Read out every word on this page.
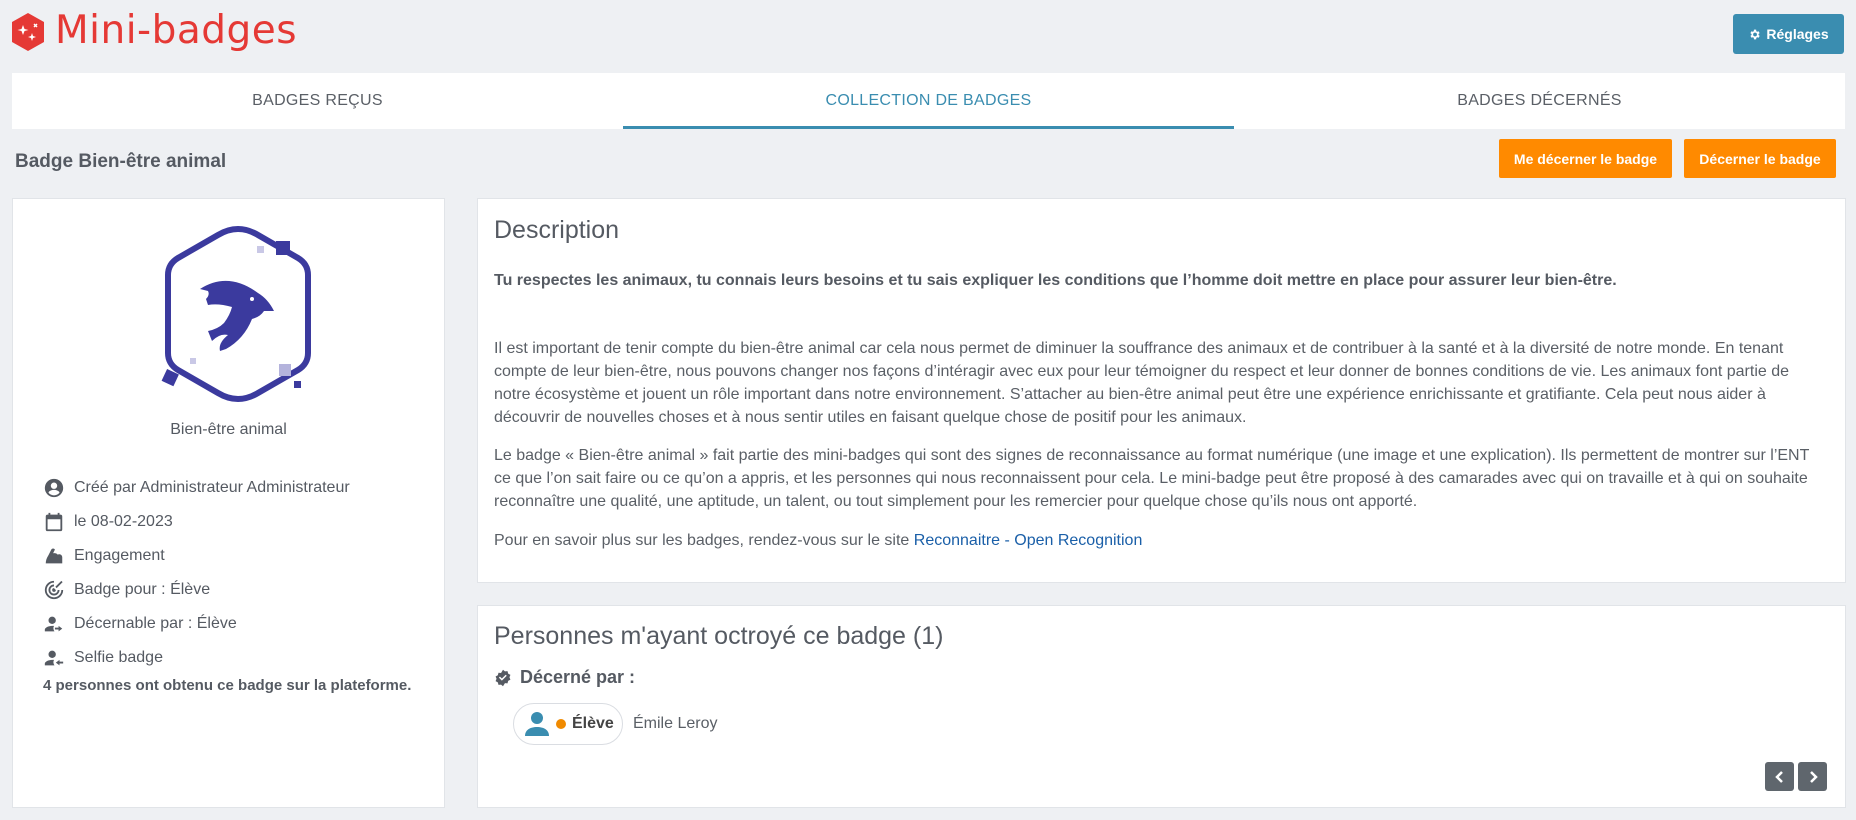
Mini-badges	Réglages
BADGES REÇUS	COLLECTION DE BADGES	BADGES DÉCERNÉS
Badge Bien-être animal	Me décerner le badge	Décerner le badge
Bien-être animal
Créé par Administrateur Administrateur
le 08-02-2023
Engagement
Badge pour : Élève
Décernable par : Élève
Selfie badge
4 personnes ont obtenu ce badge sur la plateforme.
Description

Tu respectes les animaux, tu connais leurs besoins et tu sais expliquer les conditions que l’homme doit mettre en place pour assurer leur bien-être.

Il est important de tenir compte du bien-être animal car cela nous permet de diminuer la souffrance des animaux et de contribuer à la santé et à la diversité de notre monde. En tenant compte de leur bien-être, nous pouvons changer nos façons d’intéragir avec eux pour leur témoigner du respect et leur donner de bonnes conditions de vie. Les animaux font partie de notre écosystème et jouent un rôle important dans notre environnement. S’attacher au bien-être animal peut être une expérience enrichissante et gratifiante. Cela peut nous aider à découvrir de nouvelles choses et à nous sentir utiles en faisant quelque chose de positif pour les animaux.

Le badge « Bien-être animal » fait partie des mini-badges qui sont des signes de reconnaissance au format numérique (une image et une explication). Ils permettent de montrer sur l’ENT ce que l’on sait faire ou ce qu’on a appris, et les personnes qui nous reconnaissent pour cela. Le mini-badge peut être proposé à des camarades avec qui on travaille et à qui on souhaite reconnaître une qualité, une aptitude, un talent, ou tout simplement pour les remercier pour quelque chose qu’ils nous ont apporté.

Pour en savoir plus sur les badges, rendez-vous sur le site Reconnaitre - Open Recognition

Personnes m'ayant octroyé ce badge (1)
Décerné par :
Élève Émile Leroy
